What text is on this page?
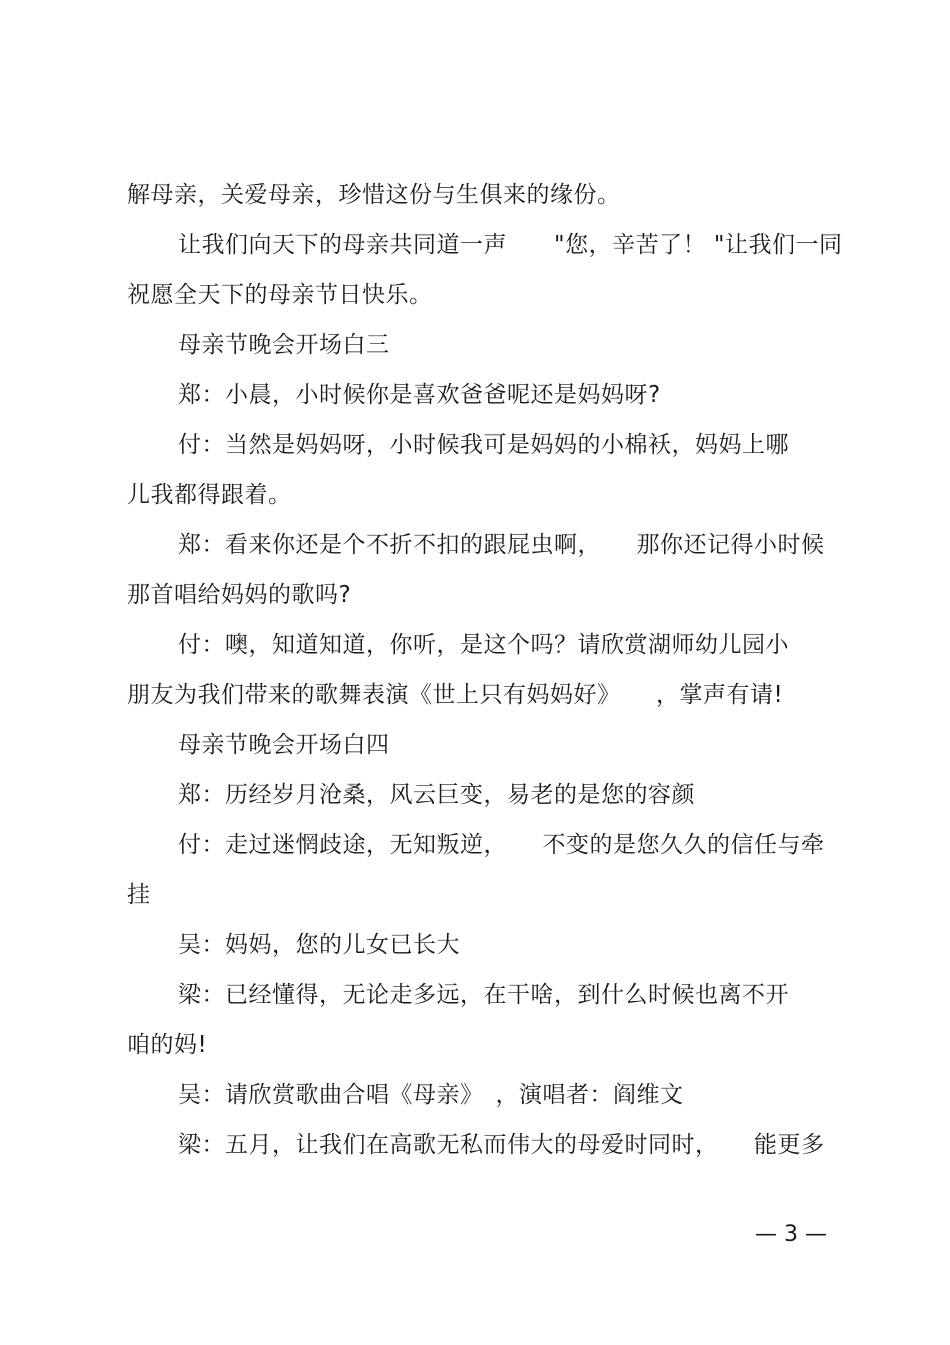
解母亲，关爱母亲，珍惜这份与生俱来的缘份。
让我们向天下的母亲共同道一声　　"您，辛苦了！ "让我们一同
祝愿全天下的母亲节日快乐。
母亲节晚会开场白三
郑：小晨，小时候你是喜欢爸爸呢还是妈妈呀?
付：当然是妈妈呀，小时候我可是妈妈的小棉袄，妈妈上哪
儿我都得跟着。
郑：看来你还是个不折不扣的跟屁虫啊，　　那你还记得小时候
那首唱给妈妈的歌吗?
付：噢，知道知道，你听，是这个吗？请欣赏湖师幼儿园小
朋友为我们带来的歌舞表演《世上只有妈妈好》　　，掌声有请!
母亲节晚会开场白四
郑：历经岁月沧桑，风云巨变，易老的是您的容颜
付：走过迷惘歧途，无知叛逆，　　不变的是您久久的信任与牵
挂
吴：妈妈，您的儿女已长大
梁：已经懂得，无论走多远，在干啥，到什么时候也离不开
咱的妈!
吴：请欣赏歌曲合唱《母亲》　，演唱者：阎维文
梁：五月，让我们在高歌无私而伟大的母爱时同时，　　能更多
— 3 —
